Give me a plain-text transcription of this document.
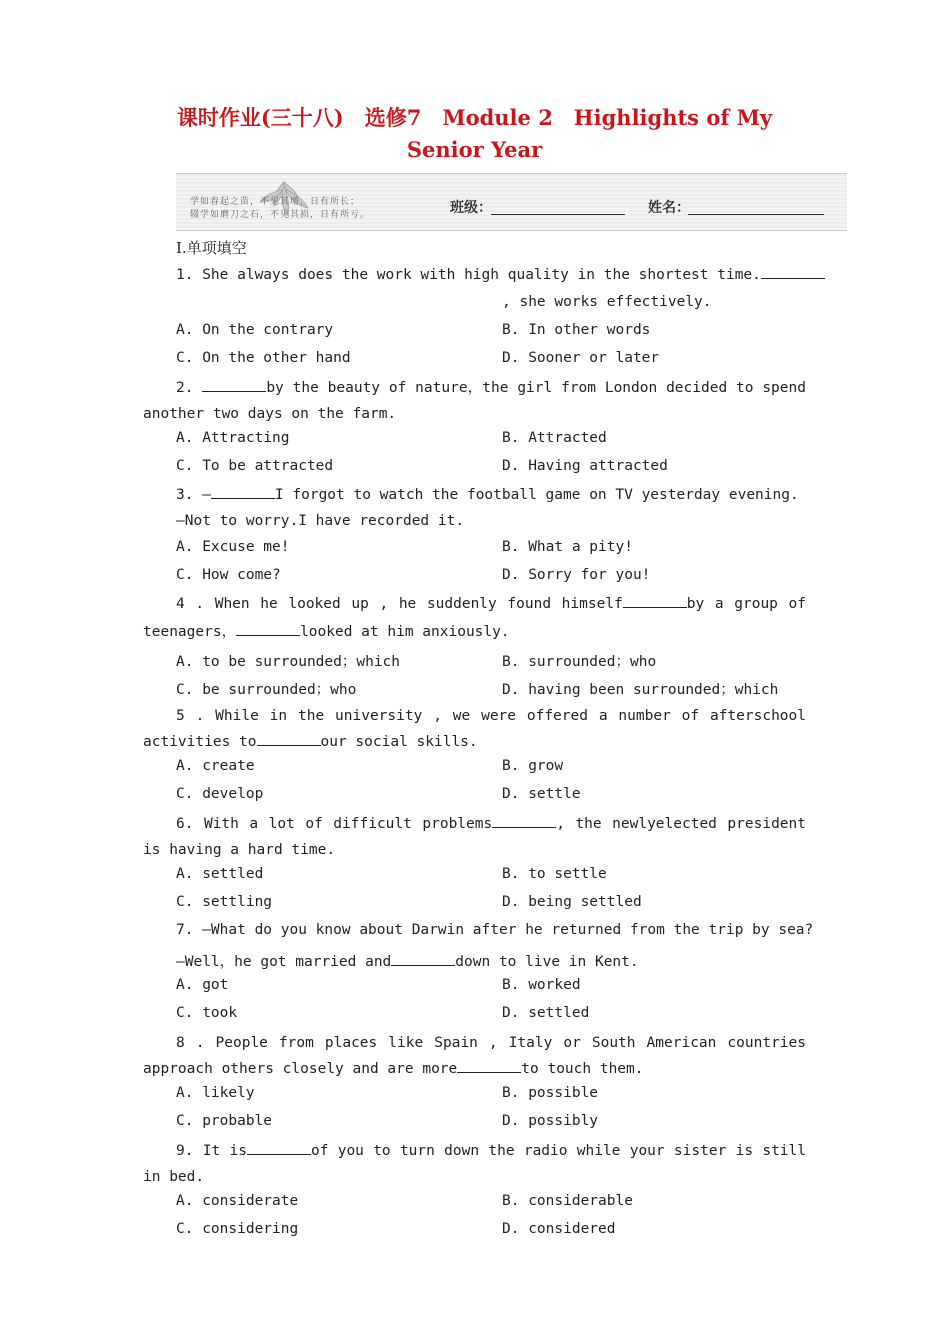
课时作业(三十八)　选修7　Module 2　Highlights of My
Senior Year
学如春起之苗，不见其增，日有所长；
辍学如磨刀之石，不见其损，日有所亏。	班级：	姓名：
Ⅰ.单项填空
1. She always does the work with high quality in the shortest time.
, she works effectively.
A. On the contrary	B. In other words
C. On the other hand	D. Sooner or later
2.	by the beauty of nature，the girl from London decided to spend another two days on the farm.
A. Attracting	B. Attracted
C. To be attracted	D. Having attracted
3. —	I forgot to watch the football game on TV yesterday evening.
—Not to worry.I have recorded it.
A. Excuse me!	B. What a pity!
C. How come?	D. Sorry for you!
4 . When he looked up , he suddenly found himself	by a group of teenagers，	looked at him anxiously.
A. to be surrounded；which	B. surrounded；who
C. be surrounded；who	D. having been surrounded；which
5 . While in the university , we were offered a number of afterschool activities to	our social skills.
A. create	B. grow
C. develop	D. settle
6. With a lot of difficult problems	, the newlyelected president is having a hard time.
A. settled	B. to settle
C. settling	D. being settled
7. —What do you know about Darwin after he returned from the trip by sea?
—Well，he got married and	down to live in Kent.
A. got	B. worked
C. took	D. settled
8 . People from places like Spain , Italy or South American countries approach others closely and are more	to touch them.
A. likely	B. possible
C. probable	D. possibly
9. It is	of you to turn down the radio while your sister is still in bed.
A. considerate	B. considerable
C. considering	D. considered
